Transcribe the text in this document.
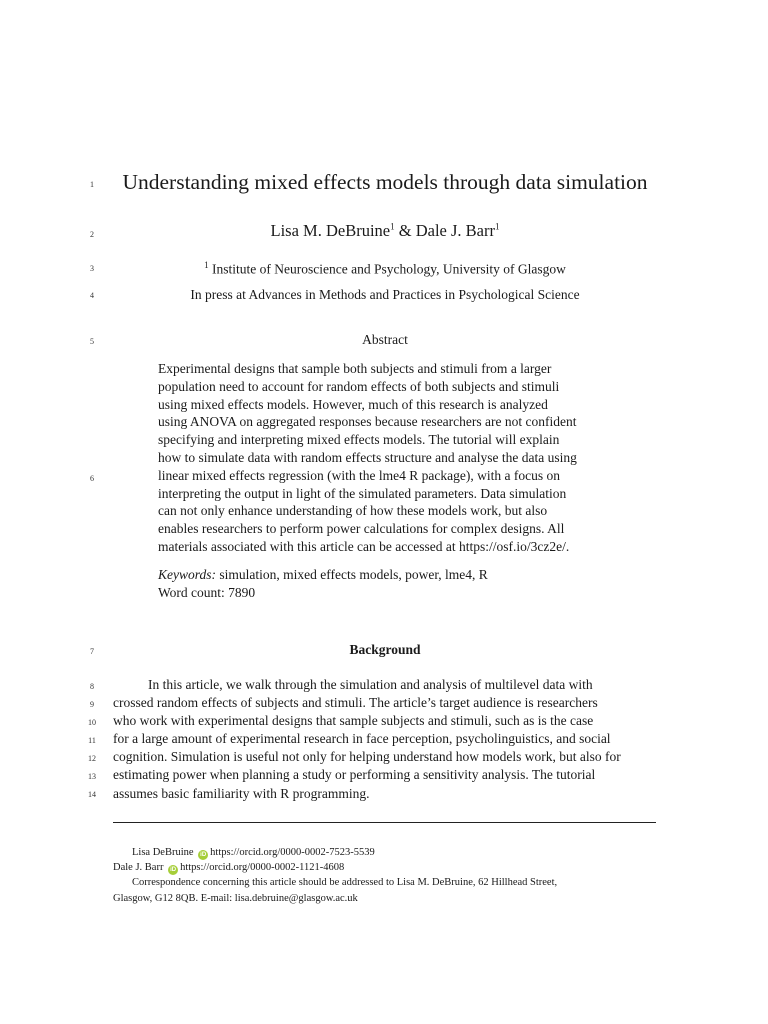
1
2
3
4
5
6
7
8
9
10
11
12
13
14
Understanding mixed effects models through data simulation
Lisa M. DeBruine$^1$ & Dale J. Barr$^1$
$^1$ Institute of Neuroscience and Psychology, University of Glasgow
In press at Advances in Methods and Practices in Psychological Science
Abstract
Experimental designs that sample both subjects and stimuli from a larger
population need to account for random effects of both subjects and stimuli
using mixed effects models. However, much of this research is analyzed
using ANOVA on aggregated responses because researchers are not confident
specifying and interpreting mixed effects models. The tutorial will explain
how to simulate data with random effects structure and analyse the data using
linear mixed effects regression (with the lme4 R package), with a focus on
interpreting the output in light of the simulated parameters. Data simulation
can not only enhance understanding of how these models work, but also
enables researchers to perform power calculations for complex designs. All
materials associated with this article can be accessed at https://osf.io/3cz2e/.
Keywords: simulation, mixed effects models, power, lme4, R
Word count: 7890
Background
In this article, we walk through the simulation and analysis of multilevel data with
crossed random effects of subjects and stimuli. The article’s target audience is researchers
who work with experimental designs that sample subjects and stimuli, such as is the case
for a large amount of experimental research in face perception, psycholinguistics, and social
cognition. Simulation is useful not only for helping understand how models work, but also for
estimating power when planning a study or performing a sensitivity analysis. The tutorial
assumes basic familiarity with R programming.
Lisa DeBruine iD https://orcid.org/0000-0002-7523-5539
Dale J. Barr iD https://orcid.org/0000-0002-1121-4608
Correspondence concerning this article should be addressed to Lisa M. DeBruine, 62 Hillhead Street,
Glasgow, G12 8QB. E-mail: lisa.debruine@glasgow.ac.uk
